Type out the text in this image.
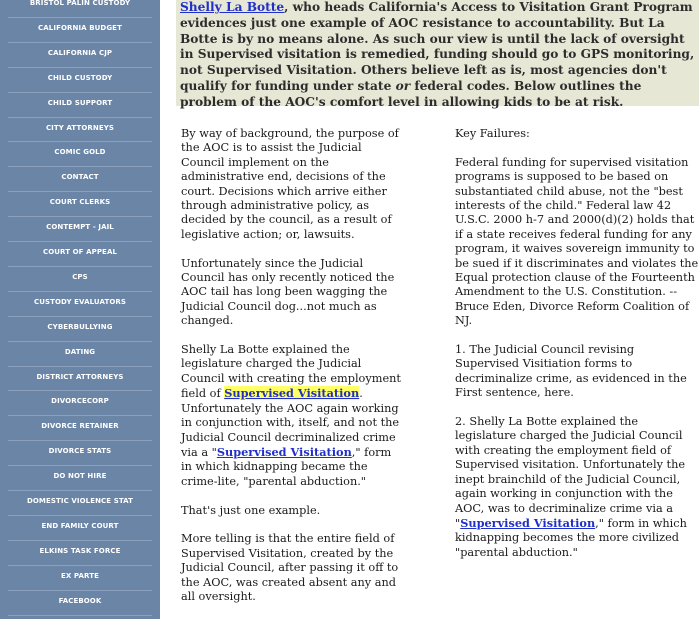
BRISTOL PALIN CUSTODY
CALIFORNIA BUDGET
CALIFORNIA CJP
CHILD CUSTODY
CHILD SUPPORT
CITY ATTORNEYS
COMIC GOLD
CONTACT
COURT CLERKS
CONTEMPT - JAIL
COURT OF APPEAL
CPS
CUSTODY EVALUATORS
CYBERBULLYING
DATING
DISTRICT ATTORNEYS
DIVORCECORP
DIVORCE RETAINER
DIVORCE STATS
DO NOT HIRE
DOMESTIC VIOLENCE STAT
END FAMILY COURT
ELKINS TASK FORCE
EX PARTE
FACEBOOK
FATHERS RIGHTS
Shelly La Botte, who heads California's Access to Visitation Grant Program evidences just one example of AOC resistance to accountability. But La Botte is by no means alone. As such our view is until the lack of oversight in Supervised visitation is remedied, funding should go to GPS monitoring, not Supervised Visitation. Others believe left as is, most agencies don't qualify for funding under state or federal codes. Below outlines the problem of the AOC's comfort level in allowing kids to be at risk.

By way of background, the purpose of the AOC is to assist the Judicial Council implement on the administrative end, decisions of the court. Decisions which arrive either through administrative policy, as decided by the council, as a result of legislative action; or, lawsuits.

Unfortunately since the Judicial Council has only recently noticed the AOC tail has long been wagging the Judicial Council dog...not much as changed.

Shelly La Botte explained the legislature charged the Judicial Council with creating the employment field of Supervised Visitation. Unfortunately the AOC again working in conjunction with, itself, and not the Judicial Council decriminalized crime via a "Supervised Visitation," form in which kidnapping became the crime-lite, "parental abduction."

That's just one example.

More telling is that the entire field of Supervised Visitation, created by the Judicial Council, after passing it off to the AOC, was created absent any and all oversight.

Key Failures:

Federal funding for supervised visitation programs is supposed to be based on substantiated child abuse, not the "best interests of the child." Federal law 42 U.S.C. 2000 h-7 and 2000(d)(2) holds that if a state receives federal funding for any program, it waives sovereign immunity to be sued if it discriminates and violates the Equal protection clause of the Fourteenth Amendment to the U.S. Constitution. --Bruce Eden, Divorce Reform Coalition of NJ.

1. The Judicial Council revising Supervised Visitiation forms to decriminalize crime, as evidenced in the First sentence, here.

2. Shelly La Botte explained the legislature charged the Judicial Council with creating the employment field of Supervised visitation. Unfortunately the inept brainchild of the Judicial Council, again working in conjunction with the AOC, was to decriminalize crime via a "Supervised Visitation," form in which kidnapping becomes the more civilized "parental abduction."
